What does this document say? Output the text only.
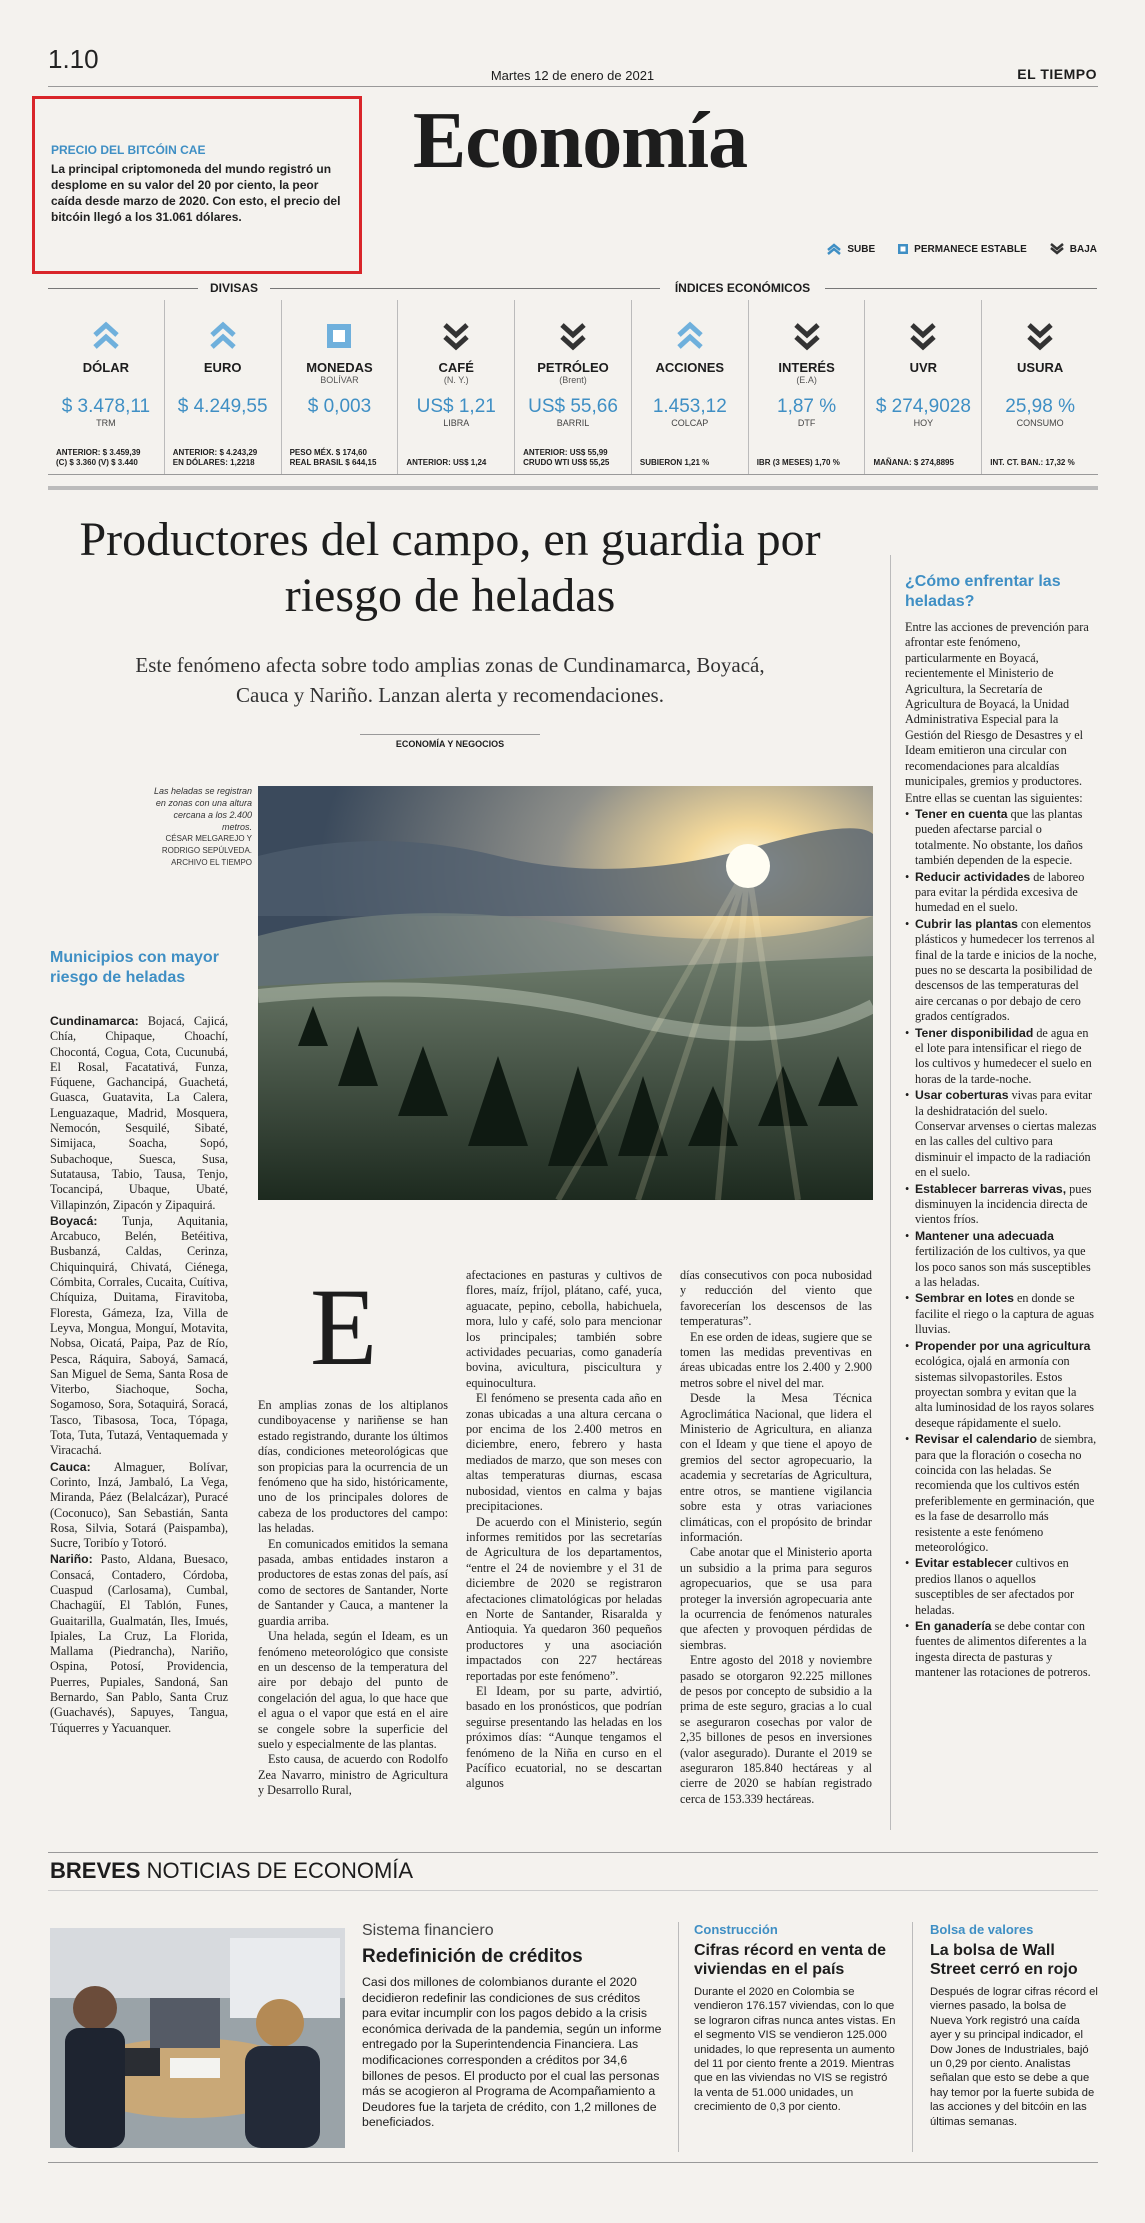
1.10
Martes 12 de enero de 2021	EL TIEMPO
Economía
PRECIO DEL BITCÓIN CAE
La principal criptomoneda del mundo registró un desplome en su valor del 20 por ciento, la peor caída desde marzo de 2020. Con esto, el precio del bitcóin llegó a los 31.061 dólares.
SUBE	PERMANECE ESTABLE	BAJA
DIVISAS	ÍNDICES ECONÓMICOS
DÓLAR
$ 3.478,11
TRM
ANTERIOR: $ 3.459,39
(C) $ 3.360 (V) $ 3.440
EURO
$ 4.249,55
ANTERIOR: $ 4.243,29
EN DÓLARES: 1,2218
MONEDAS
BOLÍVAR
$ 0,003
PESO MÉX. $ 174,60
REAL BRASIL $ 644,15
CAFÉ
(N. Y.)
US$ 1,21
LIBRA
ANTERIOR: US$ 1,24
PETRÓLEO
(Brent)
US$ 55,66
BARRIL
ANTERIOR: US$ 55,99
CRUDO WTI US$ 55,25
ACCIONES
1.453,12
COLCAP
SUBIERON 1,21 %
INTERÉS
(E.A)
1,87 %
DTF
IBR (3 MESES) 1,70 %
UVR
$ 274,9028
HOY
MAÑANA: $ 274,8895
USURA
25,98 %
CONSUMO
INT. CT. BAN.: 17,32 %
Productores del campo, en guardia por riesgo de heladas
Este fenómeno afecta sobre todo amplias zonas de Cundinamarca, Boyacá, Cauca y Nariño. Lanzan alerta y recomendaciones.
ECONOMÍA Y NEGOCIOS
Las heladas se registran en zonas con una altura cercana a los 2.400 metros.
CÉSAR MELGAREJO Y RODRIGO SEPÚLVEDA. ARCHIVO EL TIEMPO
Municipios con mayor riesgo de heladas

Cundinamarca: Bojacá, Cajicá, Chía, Chipaque, Choachí, Chocontá, Cogua, Cota, Cucunubá, El Rosal, Facatativá, Funza, Fúquene, Gachancipá, Guachetá, Guasca, Guatavita, La Calera, Lenguazaque, Madrid, Mosquera, Nemocón, Sesquilé, Sibaté, Simijaca, Soacha, Sopó, Subachoque, Suesca, Susa, Sutatausa, Tabio, Tausa, Tenjo, Tocancipá, Ubaque, Ubaté, Villapinzón, Zipacón y Zipaquirá.

Boyacá: Tunja, Aquitania, Arcabuco, Belén, Betéitiva, Busbanzá, Caldas, Cerinza, Chiquinquirá, Chivatá, Ciénega, Cómbita, Corrales, Cucaita, Cuítiva, Chíquiza, Duitama, Firavitoba, Floresta, Gámeza, Iza, Villa de Leyva, Mongua, Monguí, Motavita, Nobsa, Oicatá, Paipa, Paz de Río, Pesca, Ráquira, Saboyá, Samacá, San Miguel de Sema, Santa Rosa de Viterbo, Siachoque, Socha, Sogamoso, Sora, Sotaquirá, Soracá, Tasco, Tibasosa, Toca, Tópaga, Tota, Tuta, Tutazá, Ventaquemada y Viracachá.

Cauca: Almaguer, Bolívar, Corinto, Inzá, Jambaló, La Vega, Miranda, Páez (Belalcázar), Puracé (Coconuco), San Sebastián, Santa Rosa, Silvia, Sotará (Paispamba), Sucre, Toribío y Totoró.

Nariño: Pasto, Aldana, Buesaco, Consacá, Contadero, Córdoba, Cuaspud (Carlosama), Cumbal, Chachagüí, El Tablón, Funes, Guaitarilla, Gualmatán, Iles, Imués, Ipiales, La Cruz, La Florida, Mallama (Piedrancha), Nariño, Ospina, Potosí, Providencia, Puerres, Pupiales, Sandoná, San Bernardo, San Pablo, Santa Cruz (Guachavés), Sapuyes, Tangua, Túquerres y Yacuanquer.

E

En amplias zonas de los altiplanos cundiboyacense y nariñense se han estado registrando, durante los últimos días, condiciones meteorológicas que son propicias para la ocurrencia de un fenómeno que ha sido, históricamente, uno de los principales dolores de cabeza de los productores del campo: las heladas.

En comunicados emitidos la semana pasada, ambas entidades instaron a productores de estas zonas del país, así como de sectores de Santander, Norte de Santander y Cauca, a mantener la guardia arriba.

Una helada, según el Ideam, es un fenómeno meteorológico que consiste en un descenso de la temperatura del aire por debajo del punto de congelación del agua, lo que hace que el agua o el vapor que está en el aire se congele sobre la superficie del suelo y especialmente de las plantas.

Esto causa, de acuerdo con Rodolfo Zea Navarro, ministro de Agricultura y Desarrollo Rural,

afectaciones en pasturas y cultivos de flores, maíz, fríjol, plátano, café, yuca, aguacate, pepino, cebolla, habichuela, mora, lulo y café, solo para mencionar los principales; también sobre actividades pecuarias, como ganadería bovina, avicultura, piscicultura y equinocultura.

El fenómeno se presenta cada año en zonas ubicadas a una altura cercana o por encima de los 2.400 metros en diciembre, enero, febrero y hasta mediados de marzo, que son meses con altas temperaturas diurnas, escasa nubosidad, vientos en calma y bajas precipitaciones.

De acuerdo con el Ministerio, según informes remitidos por las secretarías de Agricultura de los departamentos, “entre el 24 de noviembre y el 31 de diciembre de 2020 se registraron afectaciones climatológicas por heladas en Norte de Santander, Risaralda y Antioquia. Ya quedaron 360 pequeños productores y una asociación impactados con 227 hectáreas reportadas por este fenómeno”.

El Ideam, por su parte, advirtió, basado en los pronósticos, que podrían seguirse presentando las heladas en los próximos días: “Aunque tengamos el fenómeno de la Niña en curso en el Pacífico ecuatorial, no se descartan algunos

días consecutivos con poca nubosidad y reducción del viento que favorecerían los descensos de las temperaturas”.

En ese orden de ideas, sugiere que se tomen las medidas preventivas en áreas ubicadas entre los 2.400 y 2.900 metros sobre el nivel del mar.

Desde la Mesa Técnica Agroclimática Nacional, que lidera el Ministerio de Agricultura, en alianza con el Ideam y que tiene el apoyo de gremios del sector agropecuario, la academia y secretarías de Agricultura, entre otros, se mantiene vigilancia sobre esta y otras variaciones climáticas, con el propósito de brindar información.

Cabe anotar que el Ministerio aporta un subsidio a la prima para seguros agropecuarios, que se usa para proteger la inversión agropecuaria ante la ocurrencia de fenómenos naturales que afecten y provoquen pérdidas de siembras.

Entre agosto del 2018 y noviembre pasado se otorgaron 92.225 millones de pesos por concepto de subsidio a la prima de este seguro, gracias a lo cual se aseguraron cosechas por valor de 2,35 billones de pesos en inversiones (valor asegurado). Durante el 2019 se aseguraron 185.840 hectáreas y al cierre de 2020 se habían registrado cerca de 153.339 hectáreas.

¿Cómo enfrentar las heladas?

Entre las acciones de prevención para afrontar este fenómeno, particularmente en Boyacá, recientemente el Ministerio de Agricultura, la Secretaría de Agricultura de Boyacá, la Unidad Administrativa Especial para la Gestión del Riesgo de Desastres y el Ideam emitieron una circular con recomendaciones para alcaldías municipales, gremios y productores.

Entre ellas se cuentan las siguientes:

• Tener en cuenta que las plantas pueden afectarse parcial o totalmente. No obstante, los daños también dependen de la especie.
• Reducir actividades de laboreo para evitar la pérdida excesiva de humedad en el suelo.
• Cubrir las plantas con elementos plásticos y humedecer los terrenos al final de la tarde e inicios de la noche, pues no se descarta la posibilidad de descensos de las temperaturas del aire cercanas o por debajo de cero grados centígrados.
• Tener disponibilidad de agua en el lote para intensificar el riego de los cultivos y humedecer el suelo en horas de la tarde-noche.
• Usar coberturas vivas para evitar la deshidratación del suelo. Conservar arvenses o ciertas malezas en las calles del cultivo para disminuir el impacto de la radiación en el suelo.
• Establecer barreras vivas, pues disminuyen la incidencia directa de vientos fríos.
• Mantener una adecuada fertilización de los cultivos, ya que los poco sanos son más susceptibles a las heladas.
• Sembrar en lotes en donde se facilite el riego o la captura de aguas lluvias.
• Propender por una agricultura ecológica, ojalá en armonía con sistemas silvopastoriles. Estos proyectan sombra y evitan que la alta luminosidad de los rayos solares deseque rápidamente el suelo.
• Revisar el calendario de siembra, para que la floración o cosecha no coincida con las heladas. Se recomienda que los cultivos estén preferiblemente en germinación, que es la fase de desarrollo más resistente a este fenómeno meteorológico.
• Evitar establecer cultivos en predios llanos o aquellos susceptibles de ser afectados por heladas.
• En ganadería se debe contar con fuentes de alimentos diferentes a la ingesta directa de pasturas y mantener las rotaciones de potreros.
BREVES NOTICIAS DE ECONOMÍA
Sistema financiero
Redefinición de créditos
Casi dos millones de colombianos durante el 2020 decidieron redefinir las condiciones de sus créditos para evitar incumplir con los pagos debido a la crisis económica derivada de la pandemia, según un informe entregado por la Superintendencia Financiera. Las modificaciones corresponden a créditos por 34,6 billones de pesos. El producto por el cual las personas más se acogieron al Programa de Acompañamiento a Deudores fue la tarjeta de crédito, con 1,2 millones de beneficiados.
Construcción
Cifras récord en venta de viviendas en el país
Durante el 2020 en Colombia se vendieron 176.157 viviendas, con lo que se lograron cifras nunca antes vistas. En el segmento VIS se vendieron 125.000 unidades, lo que representa un aumento del 11 por ciento frente a 2019. Mientras que en las viviendas no VIS se registró la venta de 51.000 unidades, un crecimiento de 0,3 por ciento.
Bolsa de valores
La bolsa de Wall Street cerró en rojo
Después de lograr cifras récord el viernes pasado, la bolsa de Nueva York registró una caída ayer y su principal indicador, el Dow Jones de Industriales, bajó un 0,29 por ciento. Analistas señalan que esto se debe a que hay temor por la fuerte subida de las acciones y del bitcóin en las últimas semanas.
